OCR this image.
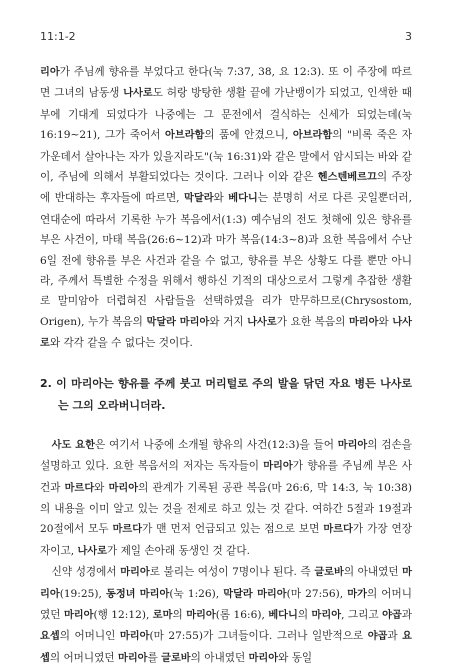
11:1-2	3

리아가 주님께 향유를 부었다고 한다(눅 7:37, 38, 요 12:3). 또 이 주장에 따르면 그녀의 남동생 나사로도 허랑 방탕한 생활 끝에 가난뱅이가 되었고, 인색한 때부에 기대게 되었다가 나중에는 그 문전에서 걸식하는 신세가 되었는데(눅 16:19∼21), 그가 죽어서 아브라함의 품에 안겼으니, 아브라함의 "비록 죽은 자 가운데서 살아나는 자가 있을지라도"(눅 16:31)와 같은 말에서 암시되는 바와 같이, 주님에 의해서 부활되었다는 것이다. 그러나 이와 같은 헨스텐베르끄의 주장에 반대하는 후자들에 따르면, 막달라와 베다니는 분명히 서로 다른 곳일뿐더러, 연대순에 따라서 기록한 누가 복음에서(1:3) 예수님의 전도 첫해에 있은 향유를 부은 사건이, 마태 복음(26:6∼12)과 마가 복음(14:3∼8)과 요한 복음에서 수난 6일 전에 향유를 부은 사건과 같을 수 없고, 향유를 부은 상황도 다를 뿐만 아니라, 주께서 특별한 수정을 위해서 행하신 기적의 대상으로서 그렇게 추잡한 생활로 말미암아 더렵혀진 사람들을 선택하였을 리가 만무하므로(Chrysostom, Origen), 누가 복음의 막달라 마리아와 거지 나사로가 요한 복음의 마리아와 나사로와 각각 같을 수 없다는 것이다.

2. 이 마리아는 향유를 주께 붓고 머리털로 주의 발을 닦던 자요 병든 나사로는 그의 오라버니더라.

사도 요한은 여기서 나중에 소개될 향유의 사건(12:3)을 들어 마리아의 검손을 설명하고 있다. 요한 복음서의 저자는 독자들이 마리아가 향유를 주님께 부은 사건과 마르다와 마리아의 관계가 기록된 공관 복음(마 26:6, 막 14:3, 눅 10:38)의 내용을 이미 알고 있는 것을 전제로 하고 있는 것 같다. 여하간 5절과 19절과 20절에서 모두 마르다가 맨 먼저 언급되고 있는 점으로 보면 마르다가 가장 연장자이고, 나사로가 제일 손아래 동생인 것 같다.

신약 성경에서 마리아로 불리는 여성이 7명이나 된다. 즉 글로바의 아내였던 마리아(19:25), 동정녀 마리아(눅 1:26), 막달라 마리아(마 27:56), 마가의 어머니였던 마리아(행 12:12), 로마의 마리아(롬 16:6), 베다니의 마리아, 그리고 야곱과 요셉의 어머니인 마리아(마 27:55)가 그녀들이다. 그러나 일반적으로 야곱과 요셉의 어머니였던 마리아를 글로바의 아내였던 마리아와 동일
